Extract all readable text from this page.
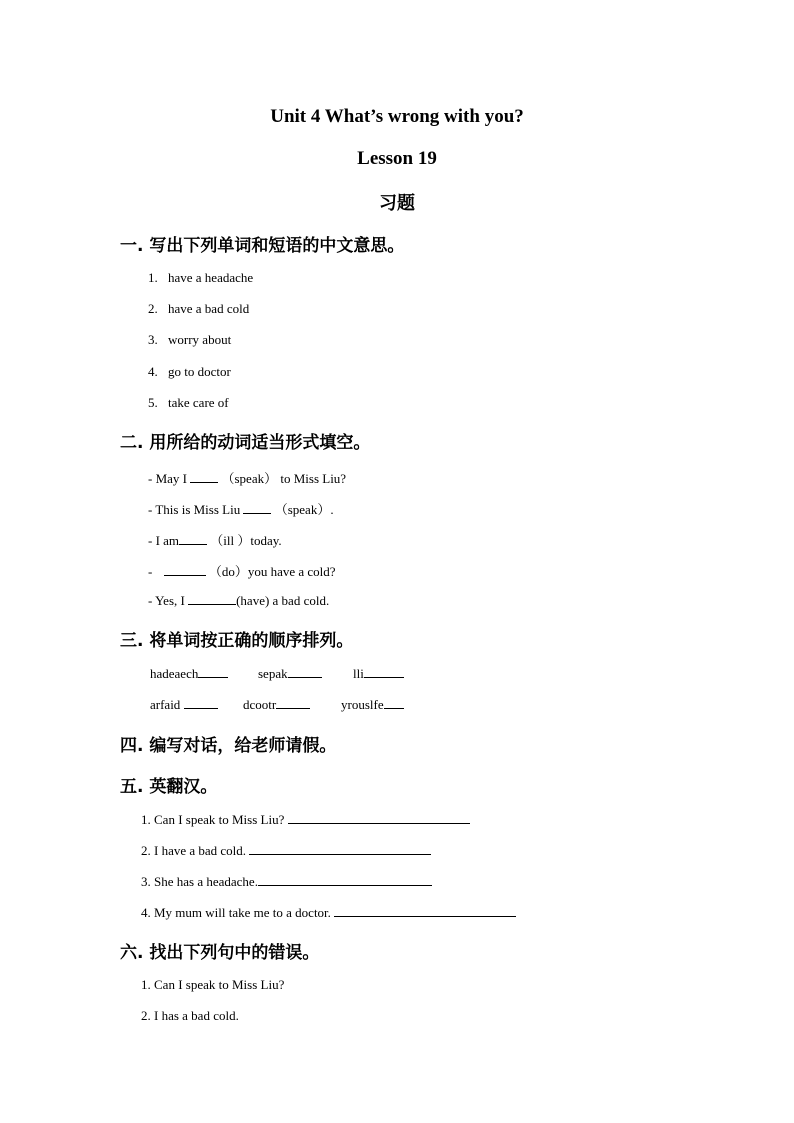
Unit 4 What’s wrong with you?
Lesson 19
习题
一. 写出下列单词和短语的中文意思。

1. have a headache

2. have a bad cold

3. worry about

4. go to doctor

5. take care of

二. 用所给的动词适当形式填空。

- May I  （speak） to Miss Liu?

- This is Miss Liu  （speak）.

- I am （ill ）today.

-	（do）you have a cold?

- Yes, I	(have) a bad cold.

三. 将单词按正确的顺序排列。

hadeaech	sepak	lli

arfaid	dcootr	yrouslfe

四. 编写对话，给老师请假。
五. 英翻汉。

1. Can I speak to Miss Liu?

2. I have a bad cold.

3. She has a headache.

4. My mum will take me to a doctor.

六. 找出下列句中的错误。

1. Can I speak to Miss Liu?

2. I has a bad cold.
